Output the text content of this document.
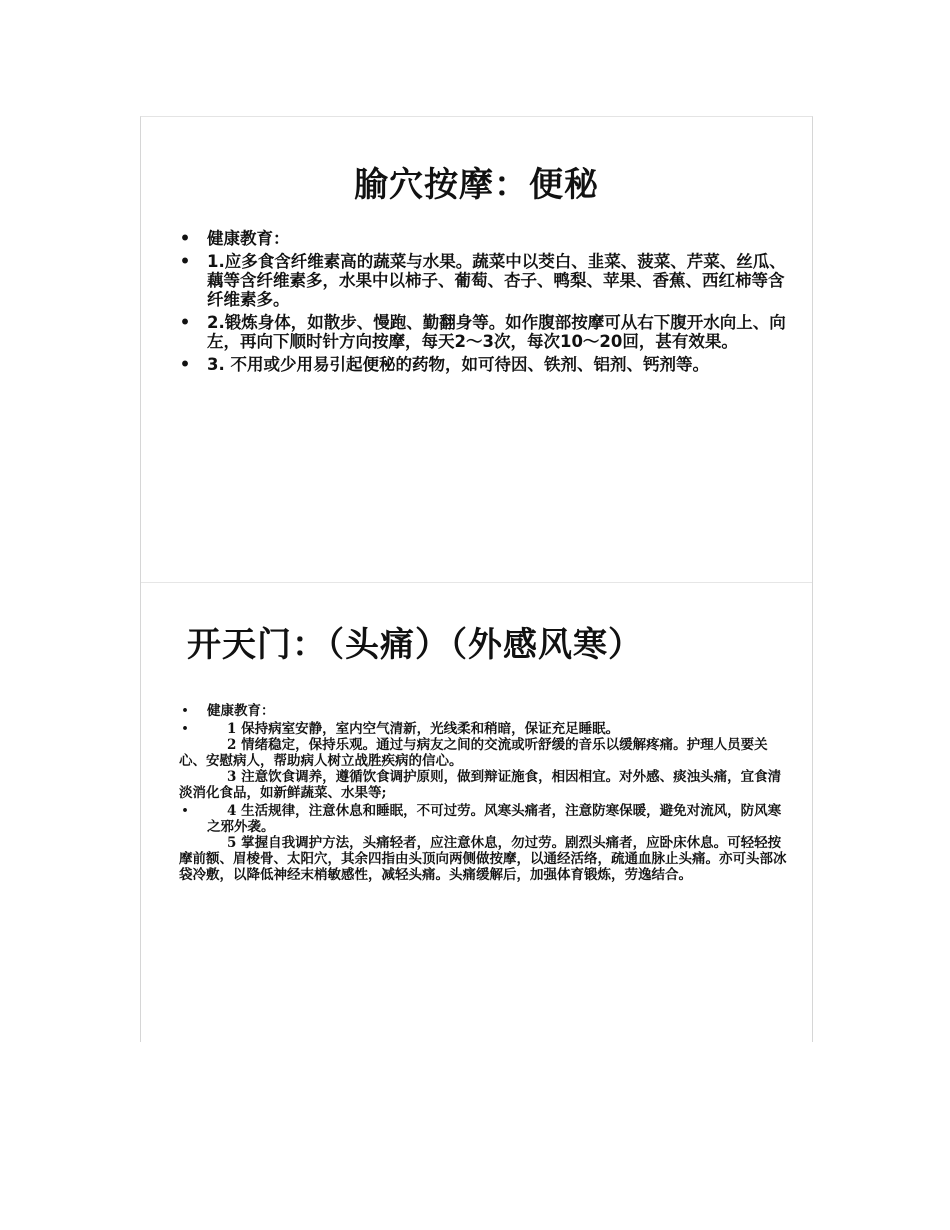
腧穴按摩：便秘
• 健康教育：
• 1.应多食含纤维素高的蔬菜与水果。蔬菜中以茭白、韭菜、菠菜、芹菜、丝瓜、藕等含纤维素多，水果中以柿子、葡萄、杏子、鸭梨、苹果、香蕉、西红柿等含纤维素多。
• 2.锻炼身体，如散步、慢跑、勤翻身等。如作腹部按摩可从右下腹开水向上、向左，再向下顺时针方向按摩，每天2～3次，每次10～20回，甚有效果。
• 3. 不用或少用易引起便秘的药物，如可待因、铁剂、铝剂、钙剂等。
开天门：（头痛）（外感风寒）
• 健康教育：
•	1 保持病室安静，室内空气清新，光线柔和稍暗，保证充足睡眠。
2 情绪稳定，保持乐观。通过与病友之间的交流或听舒缓的音乐以缓解疼痛。护理人员要关心、安慰病人，帮助病人树立战胜疾病的信心。
3 注意饮食调养，遵循饮食调护原则，做到辩证施食，相因相宜。对外感、痰浊头痛，宜食清淡消化食品，如新鲜蔬菜、水果等;
•	4 生活规律，注意休息和睡眠，不可过劳。风寒头痛者，注意防寒保暖，避免对流风，防风寒之邪外袭。
5 掌握自我调护方法，头痛轻者，应注意休息，勿过劳。剧烈头痛者，应卧床休息。可轻轻按摩前额、眉棱骨、太阳穴，其余四指由头顶向两侧做按摩，以通经活络，疏通血脉止头痛。亦可头部冰袋冷敷，以降低神经末梢敏感性，减轻头痛。头痛缓解后，加强体育锻炼，劳逸结合。
